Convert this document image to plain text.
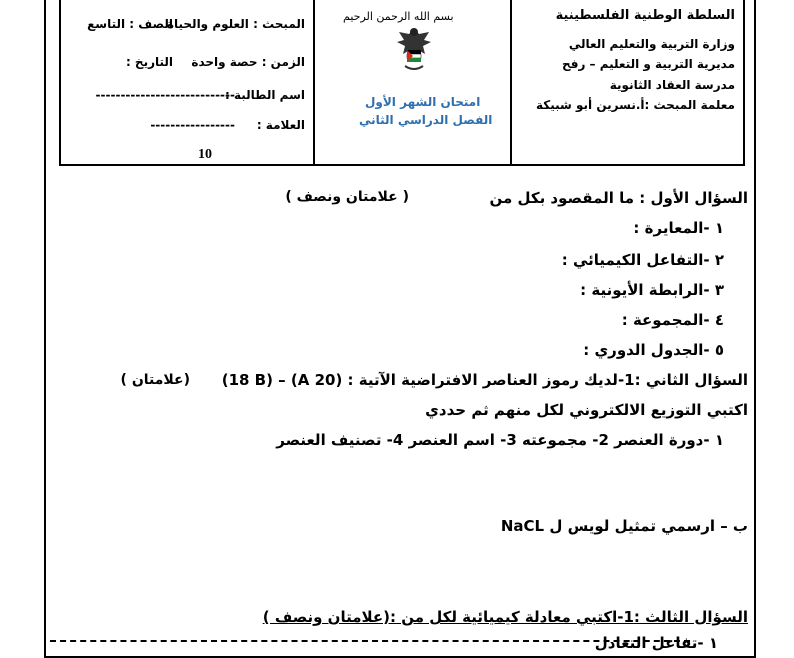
المبحث : العلوم والحياة
الصف : التاسع
الزمن : حصة واحدة
التاريخ :
اسم الطالبة :
----------------------------
العلامة :
-----------------
10
بسم الله الرحمن الرحيم
امتحان الشهر الأول
الفصل الدراسي الثاني
السلطة الوطنية الفلسطينية
وزارة التربية والتعليم العالي
مديرية التربية و التعليم – رفح
مدرسة العقاد الثانوية
معلمة المبحث :أ.نسرين أبو شبيكة
السؤال الأول : ما المقصود بكل من
( علامتان ونصف )
١ -المعايرة :
٢ -التفاعل الكيميائي :
٣ -الرابطة الأيونية :
٤ -المجموعة :
٥ -الجدول الدوري :
السؤال الثاني :1-لديك رموز العناصر الافتراضية الآتية : (20 A) – (18 B)
(علامتان )
اكتبي التوزيع الالكتروني لكل منهم ثم حددي
١ -دورة العنصر 2- مجموعته 3- اسم العنصر 4- تصنيف العنصر
ب – ارسمي تمثيل لويس ل NaCL
السؤال الثالث :1-اكتبي معادلة كيميائية لكل من :(علامتان ونصف )
١ -تفاعل التعادل
